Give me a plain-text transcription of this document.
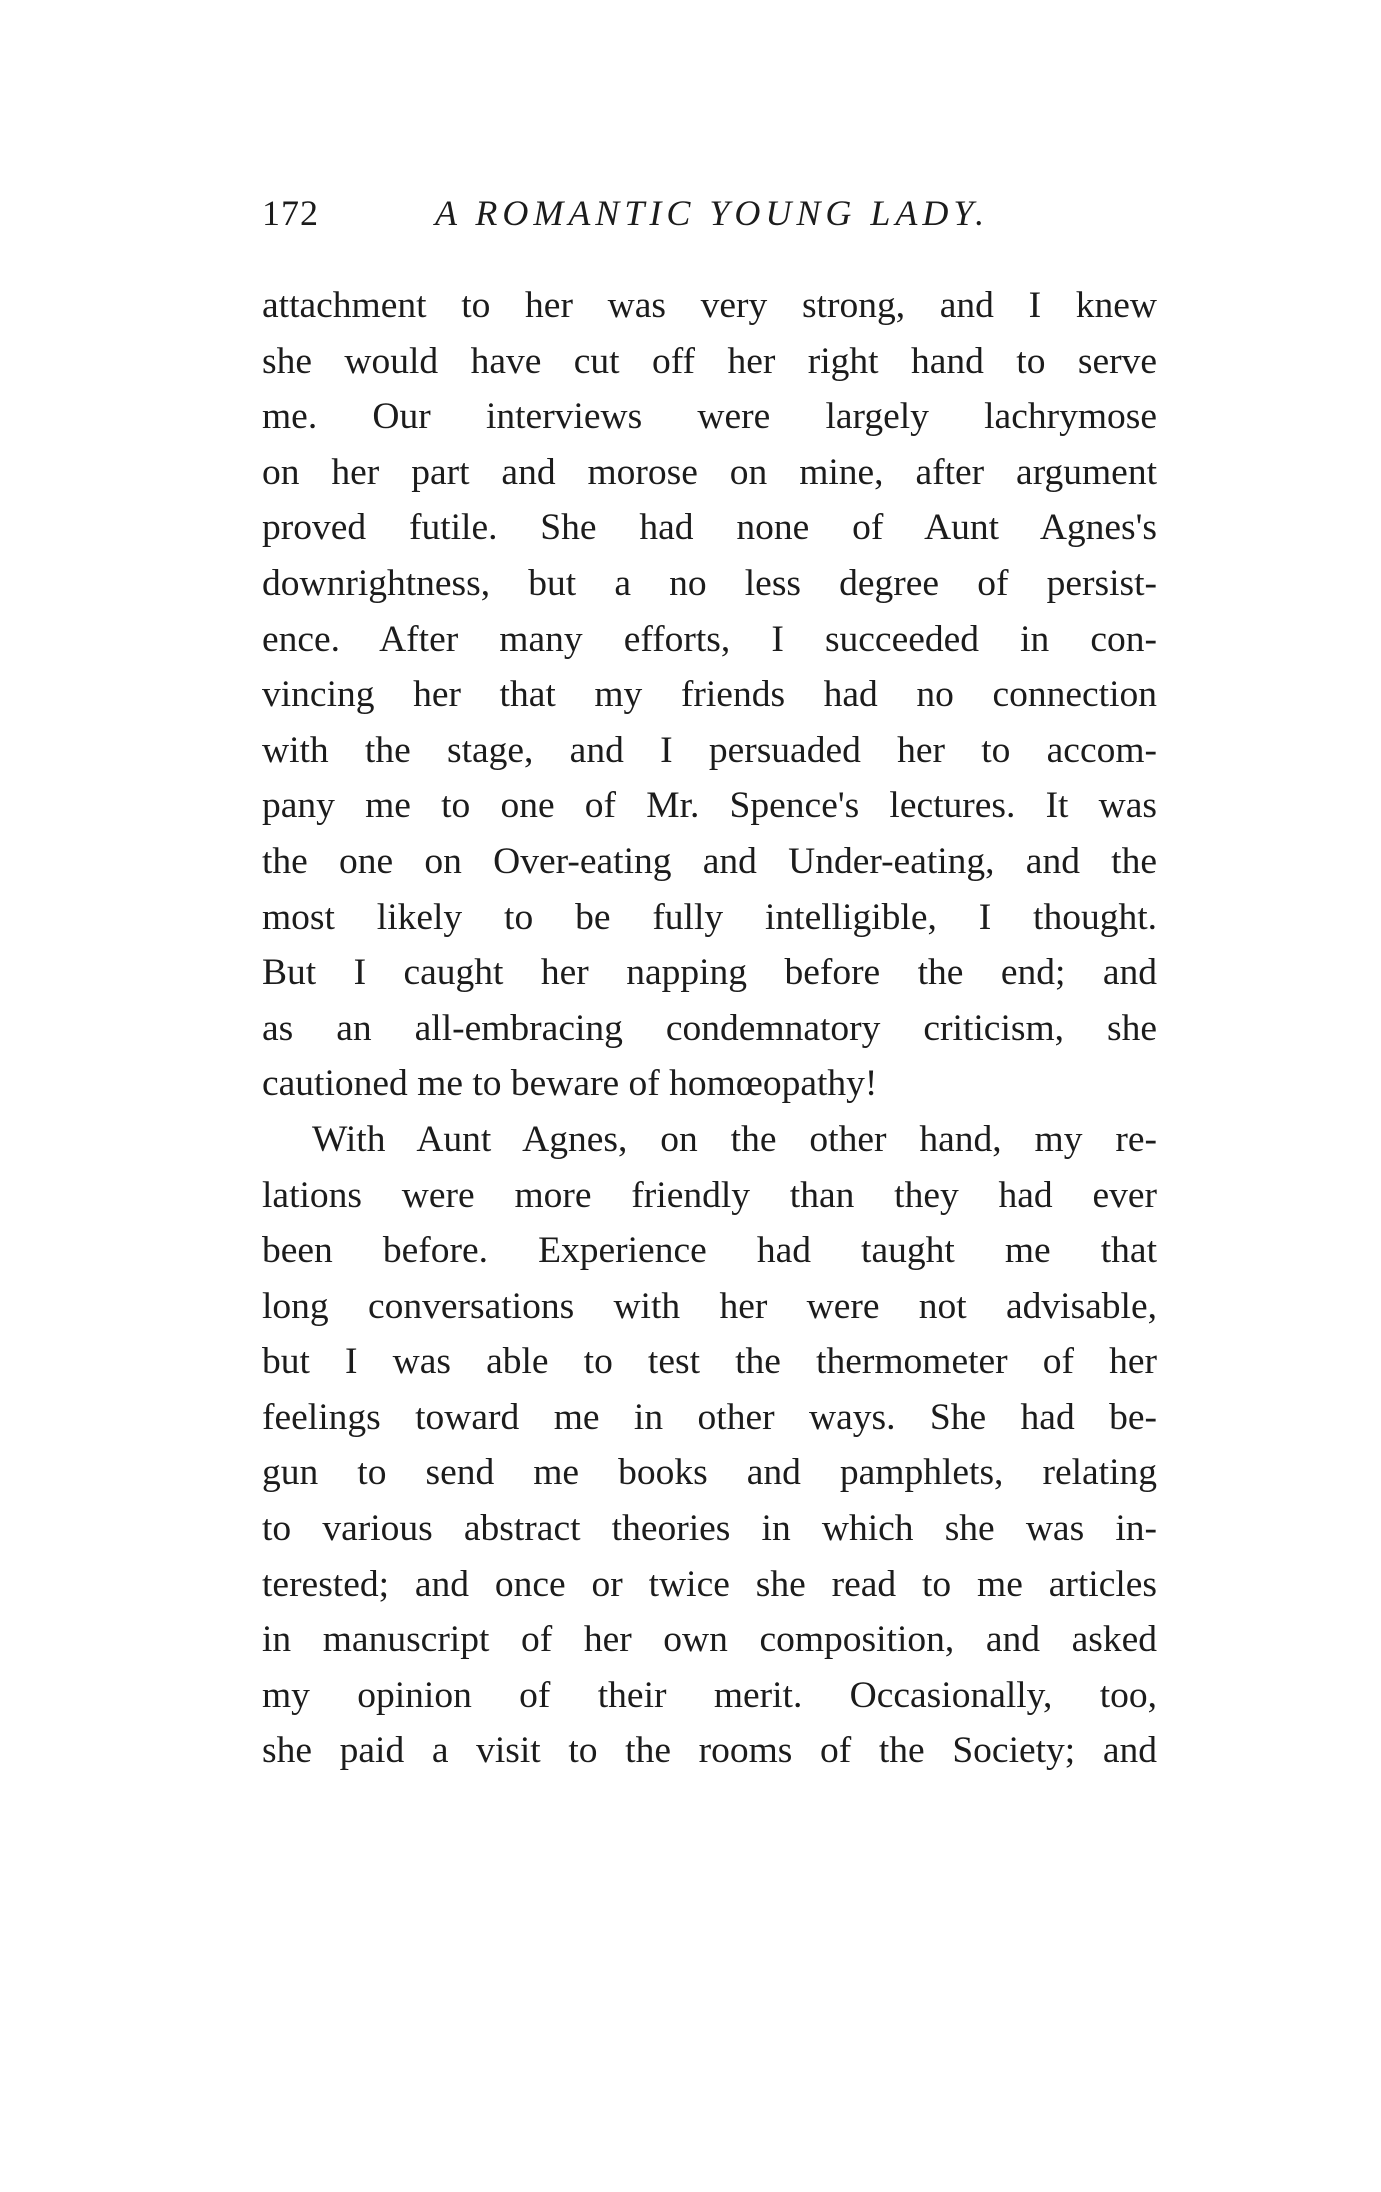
172	A ROMANTIC YOUNG LADY.
attachment to her was very strong, and I knew
she would have cut off her right hand to serve
me. Our interviews were largely lachrymose
on her part and morose on mine, after argument
proved futile. She had none of Aunt Agnes's
downrightness, but a no less degree of persist-
ence. After many efforts, I succeeded in con-
vincing her that my friends had no connection
with the stage, and I persuaded her to accom-
pany me to one of Mr. Spence's lectures. It was
the one on Over-eating and Under-eating, and the
most likely to be fully intelligible, I thought.
But I caught her napping before the end; and
as an all-embracing condemnatory criticism, she
cautioned me to beware of homœopathy!
With Aunt Agnes, on the other hand, my re-
lations were more friendly than they had ever
been before. Experience had taught me that
long conversations with her were not advisable,
but I was able to test the thermometer of her
feelings toward me in other ways. She had be-
gun to send me books and pamphlets, relating
to various abstract theories in which she was in-
terested; and once or twice she read to me articles
in manuscript of her own composition, and asked
my opinion of their merit. Occasionally, too,
she paid a visit to the rooms of the Society; and
